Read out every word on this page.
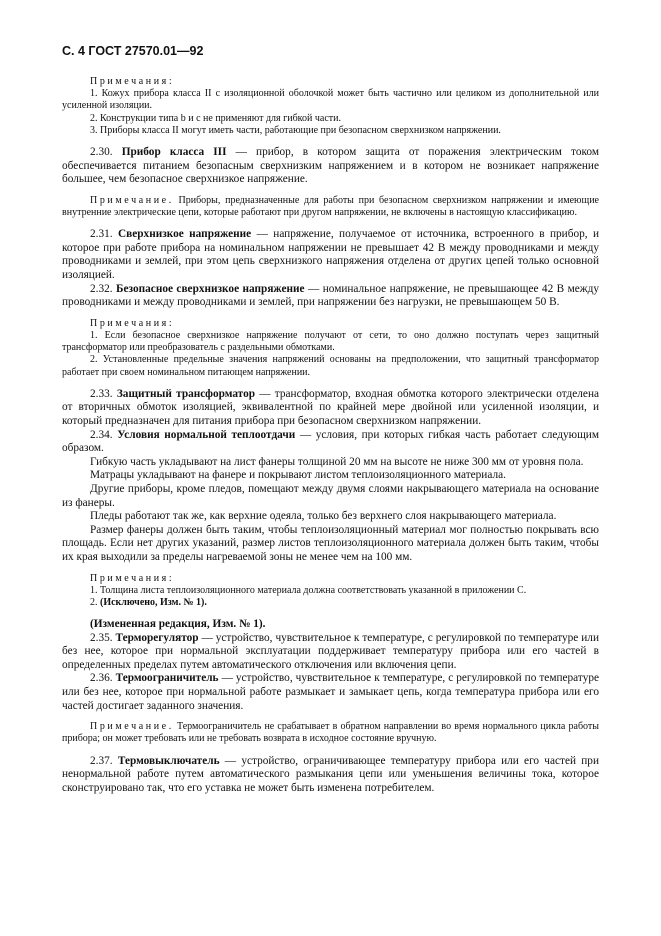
С. 4 ГОСТ 27570.01—92

Примечания:

1. Кожух прибора класса II с изоляционной оболочкой может быть частично или целиком из дополнительной или усиленной изоляции.

2. Конструкции типа b и c не применяют для гибкой части.

3. Приборы класса II могут иметь части, работающие при безопасном сверхнизком напряжении.

2.30. Прибор класса III — прибор, в котором защита от поражения электрическим током обеспечивается питанием безопасным сверхнизким напряжением и в котором не возникает напряжение большее, чем безопасное сверхнизкое напряжение.

Примечание. Приборы, предназначенные для работы при безопасном сверхнизком напряжении и имеющие внутренние электрические цепи, которые работают при другом напряжении, не включены в настоящую классификацию.

2.31. Сверхнизкое напряжение — напряжение, получаемое от источника, встроенного в прибор, и которое при работе прибора на номинальном напряжении не превышает 42 В между проводниками и между проводниками и землей, при этом цепь сверхнизкого напряжения отделена от других цепей только основной изоляцией.

2.32. Безопасное сверхнизкое напряжение — номинальное напряжение, не превышающее 42 В между проводниками и между проводниками и землей, при напряжении без нагрузки, не превышающем 50 В.

Примечания:

1. Если безопасное сверхнизкое напряжение получают от сети, то оно должно поступать через защитный трансформатор или преобразователь с раздельными обмотками.

2. Установленные предельные значения напряжений основаны на предположении, что защитный трансформатор работает при своем номинальном питающем напряжении.

2.33. Защитный трансформатор — трансформатор, входная обмотка которого электрически отделена от вторичных обмоток изоляцией, эквивалентной по крайней мере двойной или усиленной изоляции, и который предназначен для питания прибора при безопасном сверхнизком напряжении.

2.34. Условия нормальной теплоотдачи — условия, при которых гибкая часть работает следующим образом.

Гибкую часть укладывают на лист фанеры толщиной 20 мм на высоте не ниже 300 мм от уровня пола.

Матрацы укладывают на фанере и покрывают листом теплоизоляционного материала.

Другие приборы, кроме пледов, помещают между двумя слоями накрывающего материала на основание из фанеры.

Пледы работают так же, как верхние одеяла, только без верхнего слоя накрывающего материала.

Размер фанеры должен быть таким, чтобы теплоизоляционный материал мог полностью покрывать всю площадь. Если нет других указаний, размер листов теплоизоляционного материала должен быть таким, чтобы их края выходили за пределы нагреваемой зоны не менее чем на 100 мм.

Примечания:

1. Толщина листа теплоизоляционного материала должна соответствовать указанной в приложении С.

2. (Исключено, Изм. № 1).

(Измененная редакция, Изм. № 1).

2.35. Терморегулятор — устройство, чувствительное к температуре, с регулировкой по температуре или без нее, которое при нормальной эксплуатации поддерживает температуру прибора или его частей в определенных пределах путем автоматического отключения или включения цепи.

2.36. Термоограничитель — устройство, чувствительное к температуре, с регулировкой по температуре или без нее, которое при нормальной работе размыкает и замыкает цепь, когда температура прибора или его частей достигает заданного значения.

Примечание. Термоограничитель не срабатывает в обратном направлении во время нормального цикла работы прибора; он может требовать или не требовать возврата в исходное состояние вручную.

2.37. Термовыключатель — устройство, ограничивающее температуру прибора или его частей при ненормальной работе путем автоматического размыкания цепи или уменьшения величины тока, которое сконструировано так, что его уставка не может быть изменена потребителем.
